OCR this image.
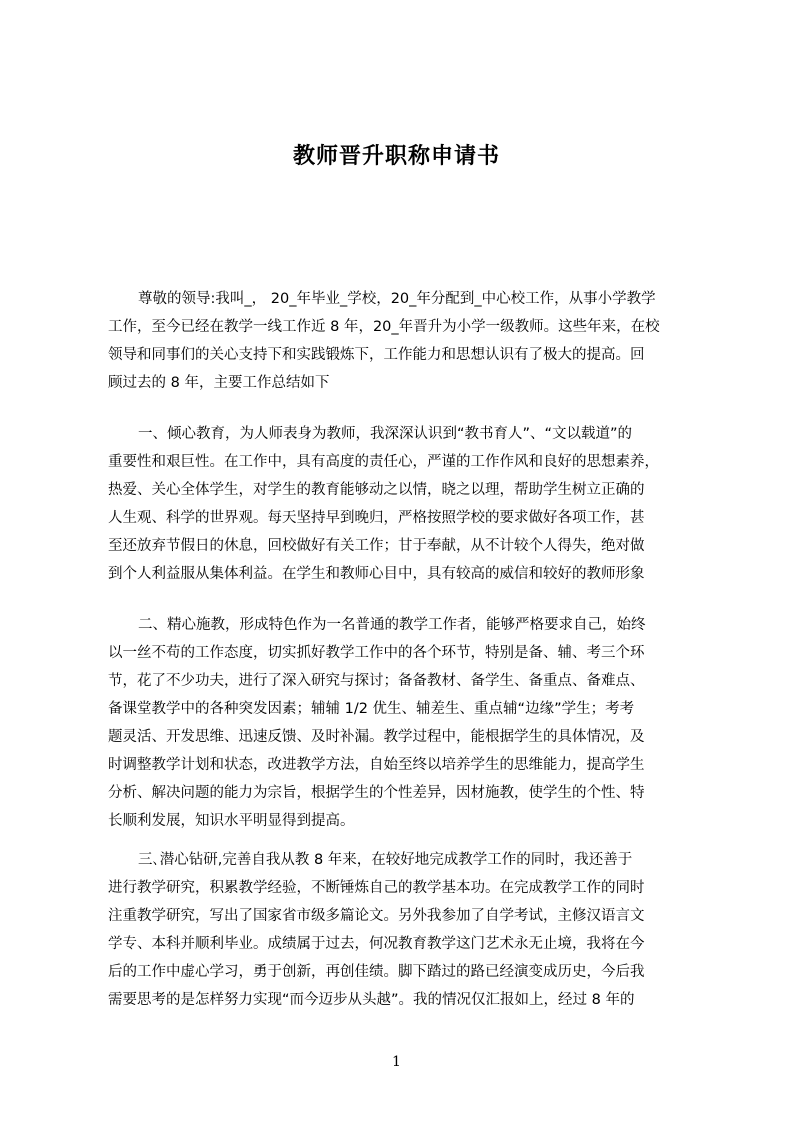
教师晋升职称申请书
尊敬的领导:我叫_， 20_年毕业_学校，20_年分配到_中心校工作，从事小学教学
工作，至今已经在教学一线工作近 8 年，20_年晋升为小学一级教师。这些年来，在校
领导和同事们的关心支持下和实践锻炼下，工作能力和思想认识有了极大的提高。回
顾过去的 8 年，主要工作总结如下
一、倾心教育，为人师表身为教师，我深深认识到“教书育人”、“文以载道”的
重要性和艰巨性。在工作中，具有高度的责任心，严谨的工作作风和良好的思想素养，
热爱、关心全体学生，对学生的教育能够动之以情，晓之以理，帮助学生树立正确的
人生观、科学的世界观。每天坚持早到晚归，严格按照学校的要求做好各项工作，甚
至还放弃节假日的休息，回校做好有关工作；甘于奉献，从不计较个人得失，绝对做
到个人利益服从集体利益。在学生和教师心目中，具有较高的威信和较好的教师形象
二、精心施教，形成特色作为一名普通的教学工作者，能够严格要求自己，始终
以一丝不苟的工作态度，切实抓好教学工作中的各个环节，特别是备、辅、考三个环
节，花了不少功夫，进行了深入研究与探讨；备备教材、备学生、备重点、备难点、
备课堂教学中的各种突发因素；辅辅 1/2 优生、辅差生、重点辅“边缘”学生；考考
题灵活、开发思维、迅速反馈、及时补漏。教学过程中，能根据学生的具体情况，及
时调整教学计划和状态，改进教学方法，自始至终以培养学生的思维能力，提高学生
分析、解决问题的能力为宗旨，根据学生的个性差异，因材施教，使学生的个性、特
长顺利发展，知识水平明显得到提高。
三､潜心钻研,完善自我从教 8 年来，在较好地完成教学工作的同时，我还善于
进行教学研究，积累教学经验，不断锤炼自己的教学基本功。在完成教学工作的同时
注重教学研究，写出了国家省市级多篇论文。另外我参加了自学考试，主修汉语言文
学专、本科并顺利毕业。成绩属于过去，何况教育教学这门艺术永无止境，我将在今
后的工作中虚心学习，勇于创新，再创佳绩。脚下踏过的路已经演变成历史，今后我
需要思考的是怎样努力实现“而今迈步从头越”。我的情况仅汇报如上，经过 8 年的
1
